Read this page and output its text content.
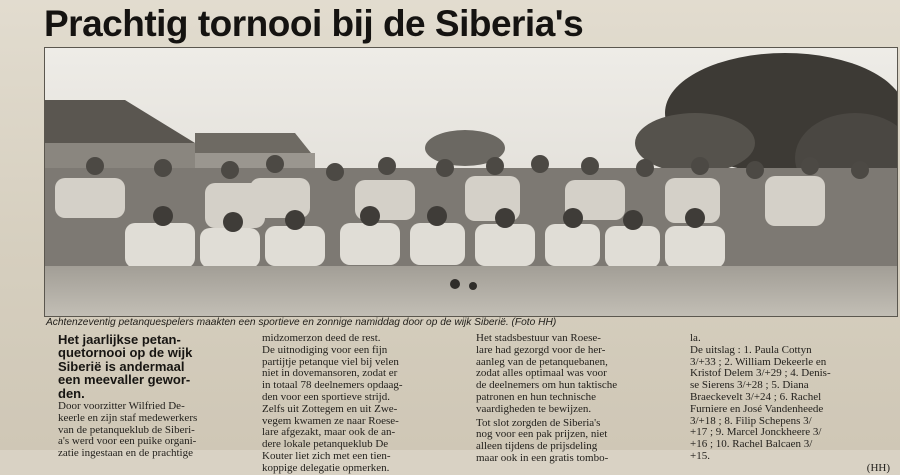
Prachtig tornooi bij de Siberia's
Achtenzeventig petanquespelers maakten een sportieve en zonnige namiddag door op de wijk Siberië. (Foto HH)
Het jaarlijkse petan-
quetornooi op de wijk
Siberië is andermaal
een meevaller gewor-
den.
Door voorzitter Wilfried De-
keerle en zijn staf medewerkers
van de petanqueklub de Siberi-
a's werd voor een puike organi-
zatie ingestaan en de prachtige
midzomerzon deed de rest.
De uitnodiging voor een fijn
partijtje petanque viel bij velen
niet in dovemansoren, zodat er
in totaal 78 deelnemers opdaag-
den voor een sportieve strijd.
Zelfs uit Zottegem en uit Zwe-
vegem kwamen ze naar Roese-
lare afgezakt, maar ook de an-
dere lokale petanqueklub De
Kouter liet zich met een tien-
koppige delegatie opmerken.
Het stadsbestuur van Roese-
lare had gezorgd voor de her-
aanleg van de petanquebanen,
zodat alles optimaal was voor
de deelnemers om hun taktische
patronen en hun technische
vaardigheden te bewijzen.
Tot slot zorgden de Siberia's
nog voor een pak prijzen, niet
alleen tijdens de prijsdeling
maar ook in een gratis tombo-
la.
De uitslag : 1. Paula Cottyn
3/+33 ; 2. William Dekeerle en
Kristof Delem 3/+29 ; 4. Denis-
se Sierens 3/+28 ; 5. Diana
Braeckevelt 3/+24 ; 6. Rachel
Furniere en José Vandenheede
3/+18 ; 8. Filip Schepens 3/
+17 ; 9. Marcel Jonckheere 3/
+16 ; 10. Rachel Balcaen 3/
+15.
(HH)
